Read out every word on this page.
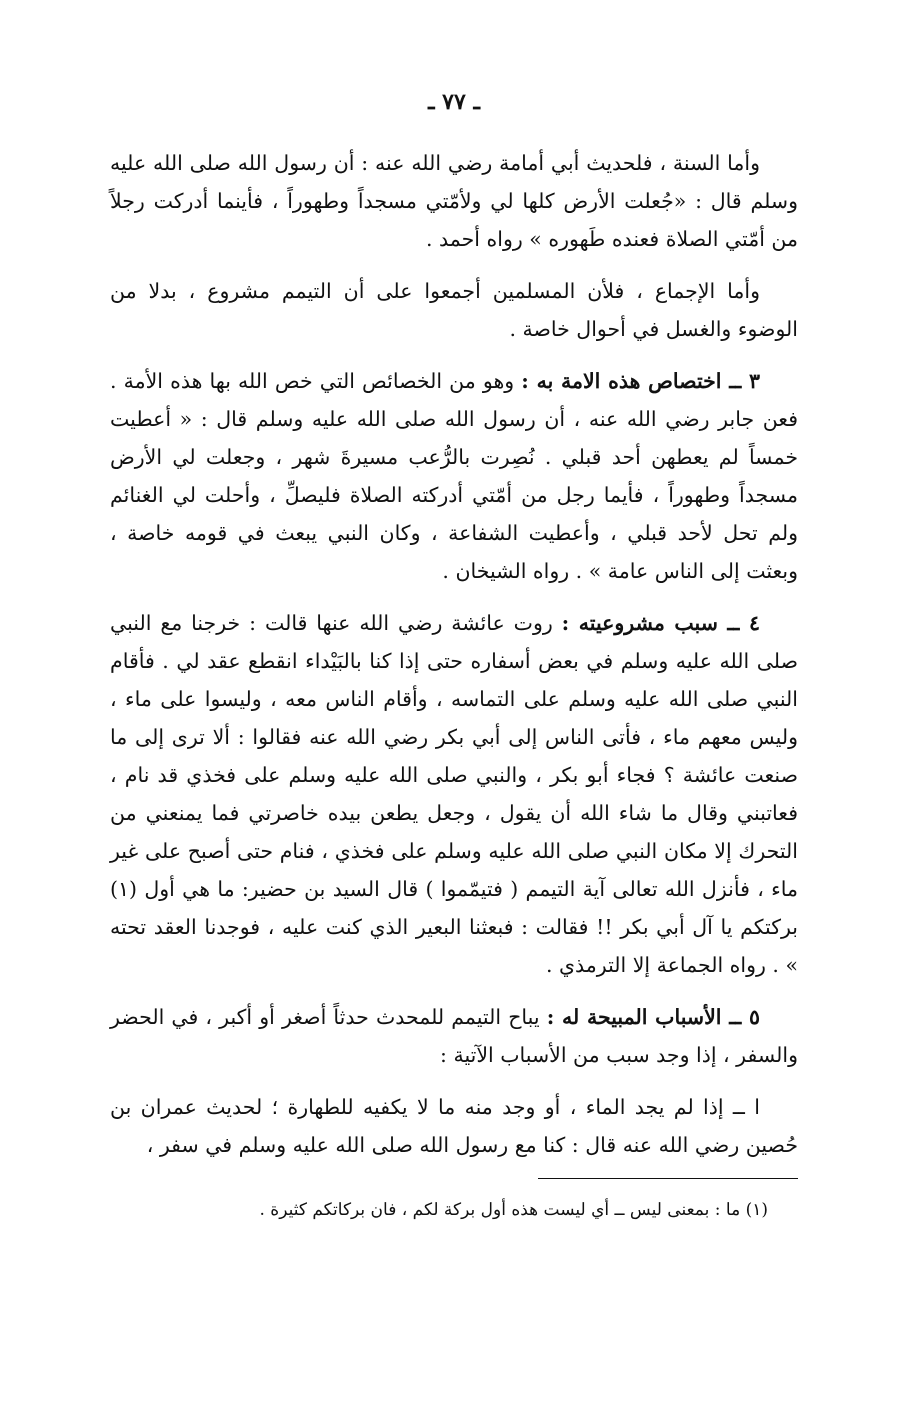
ـ ٧٧ ـ

وأما السنة ، فلحديث أبي أمامة رضي الله عنه : أن رسول الله صلى الله عليه وسلم قال : «جُعلت الأرض كلها لي ولأمّتي مسجداً وطهوراً ، فأينما أدركت رجلاً من أمّتي الصلاة فعنده طَهوره » رواه أحمد .

وأما الإجماع ، فلأن المسلمين أجمعوا على أن التيمم مشروع ، بدلا من الوضوء والغسل في أحوال خاصة .

٣ ــ اختصاص هذه الامة به : وهو من الخصائص التي خص الله بها هذه الأمة . فعن جابر رضي الله عنه ، أن رسول الله صلى الله عليه وسلم قال : « أعطيت خمساً لم يعطهن أحد قبلي . نُصِرت بالرُّعب مسيرةَ شهر ، وجعلت لي الأرض مسجداً وطهوراً ، فأيما رجل من أمّتي أدركته الصلاة فليصلِّ ، وأحلت لي الغنائم ولم تحل لأحد قبلي ، وأعطيت الشفاعة ، وكان النبي يبعث في قومه خاصة ، وبعثت إلى الناس عامة » . رواه الشيخان .

٤ ــ سبب مشروعيته : روت عائشة رضي الله عنها قالت : خرجنا مع النبي صلى الله عليه وسلم في بعض أسفاره حتى إذا كنا بالبَيْداء انقطع عقد لي . فأقام النبي صلى الله عليه وسلم على التماسه ، وأقام الناس معه ، وليسوا على ماء ، وليس معهم ماء ، فأتى الناس إلى أبي بكر رضي الله عنه فقالوا : ألا ترى إلى ما صنعت عائشة ؟ فجاء أبو بكر ، والنبي صلى الله عليه وسلم على فخذي قد نام ، فعاتبني وقال ما شاء الله أن يقول ، وجعل يطعن بيده خاصرتي فما يمنعني من التحرك إلا مكان النبي صلى الله عليه وسلم على فخذي ، فنام حتى أصبح على غير ماء ، فأنزل الله تعالى آية التيمم ( فتيمّموا ) قال السيد بن حضير: ما هي أول (١) بركتكم يا آل أبي بكر !! فقالت : فبعثنا البعير الذي كنت عليه ، فوجدنا العقد تحته » . رواه الجماعة إلا الترمذي .

٥ ــ الأسباب المبيحة له : يباح التيمم للمحدث حدثاً أصغر أو أكبر ، في الحضر والسفر ، إذا وجد سبب من الأسباب الآتية :

ا ــ إذا لم يجد الماء ، أو وجد منه ما لا يكفيه للطهارة ؛ لحديث عمران بن حُصين رضي الله عنه قال : كنا مع رسول الله صلى الله عليه وسلم في سفر ،

(١) ما : بمعنى ليس ــ أي ليست هذه أول بركة لكم ، فان بركاتكم كثيرة .
